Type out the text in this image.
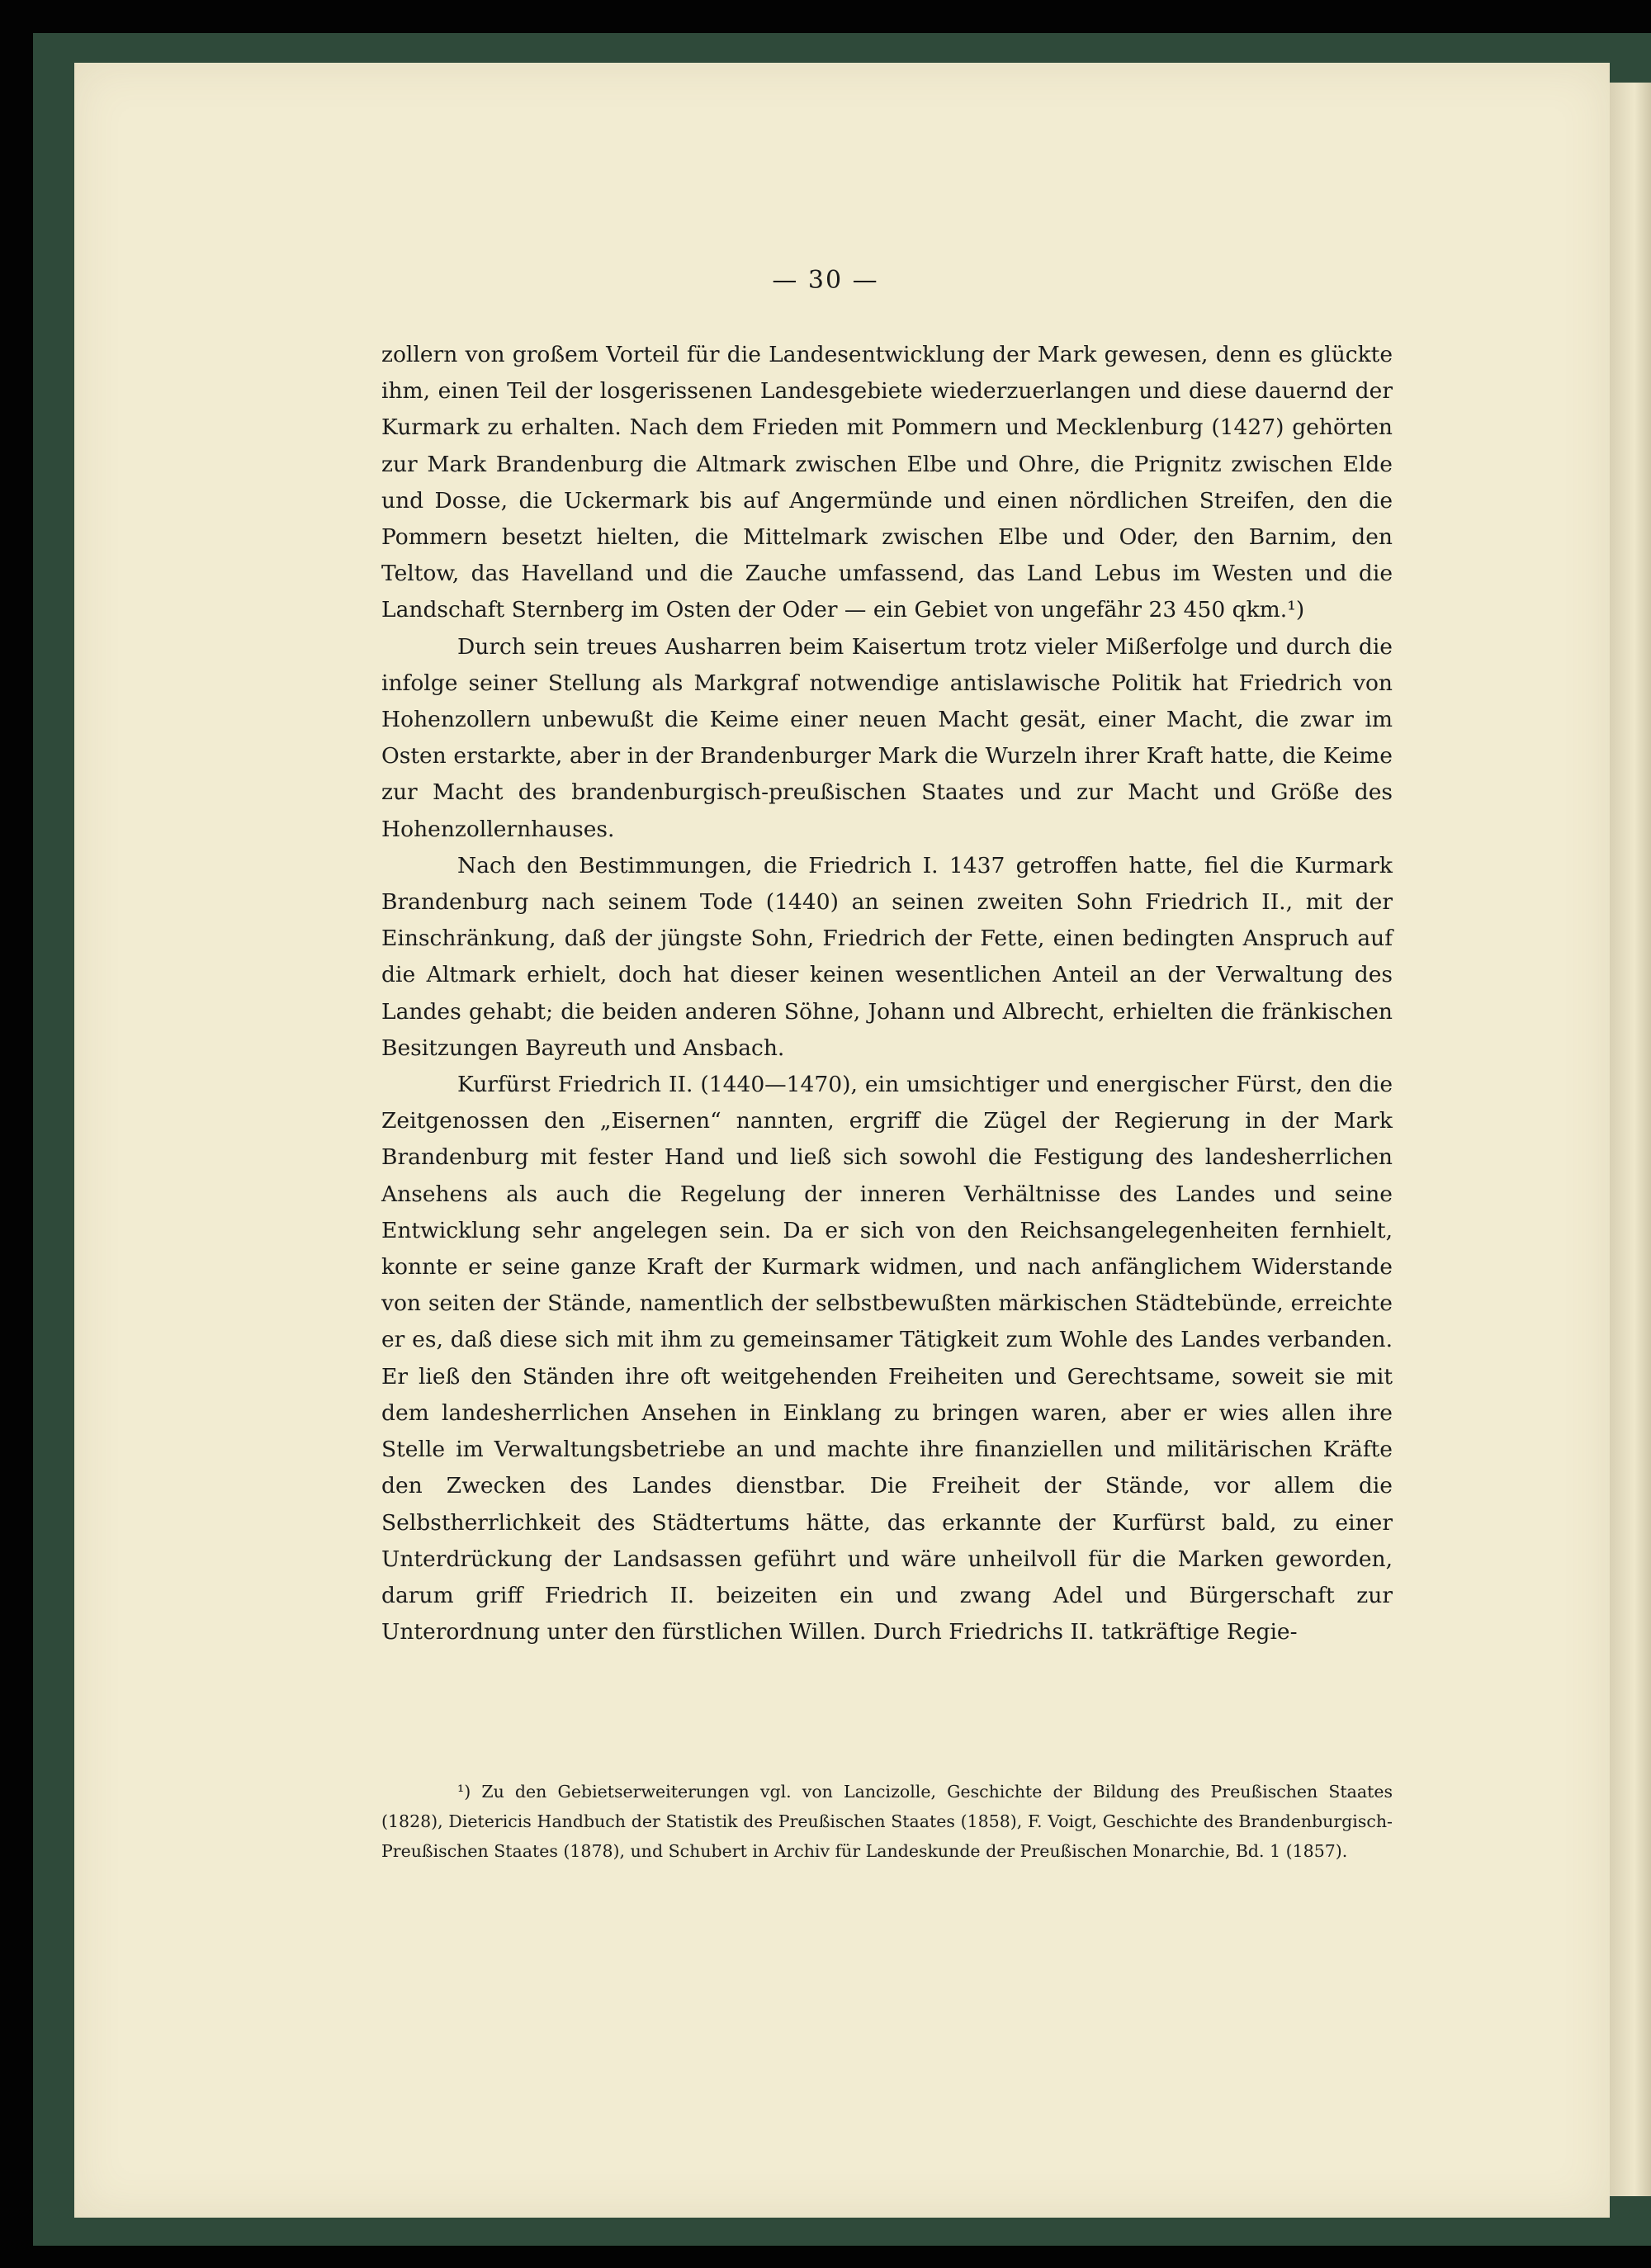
— 30 —

zollern von großem Vorteil für die Landesentwicklung der Mark gewesen, denn es glückte ihm, einen Teil der losgerissenen Landesgebiete wiederzuerlangen und diese dauernd der Kurmark zu erhalten. Nach dem Frieden mit Pommern und Mecklenburg (1427) gehörten zur Mark Brandenburg die Altmark zwischen Elbe und Ohre, die Prignitz zwischen Elde und Dosse, die Uckermark bis auf Angermünde und einen nördlichen Streifen, den die Pommern besetzt hielten, die Mittelmark zwischen Elbe und Oder, den Barnim, den Teltow, das Havelland und die Zauche umfassend, das Land Lebus im Westen und die Landschaft Sternberg im Osten der Oder — ein Gebiet von ungefähr 23 450 qkm.¹)

Durch sein treues Ausharren beim Kaisertum trotz vieler Mißerfolge und durch die infolge seiner Stellung als Markgraf notwendige antislawische Politik hat Friedrich von Hohenzollern unbewußt die Keime einer neuen Macht gesät, einer Macht, die zwar im Osten erstarkte, aber in der Brandenburger Mark die Wurzeln ihrer Kraft hatte, die Keime zur Macht des brandenburgisch-preußischen Staates und zur Macht und Größe des Hohenzollernhauses.

Nach den Bestimmungen, die Friedrich I. 1437 getroffen hatte, fiel die Kurmark Brandenburg nach seinem Tode (1440) an seinen zweiten Sohn Friedrich II., mit der Einschränkung, daß der jüngste Sohn, Friedrich der Fette, einen bedingten Anspruch auf die Altmark erhielt, doch hat dieser keinen wesentlichen Anteil an der Verwaltung des Landes gehabt; die beiden anderen Söhne, Johann und Albrecht, erhielten die fränkischen Besitzungen Bayreuth und Ansbach.

Kurfürst Friedrich II. (1440—1470), ein umsichtiger und energischer Fürst, den die Zeitgenossen den „Eisernen“ nannten, ergriff die Zügel der Regierung in der Mark Brandenburg mit fester Hand und ließ sich sowohl die Festigung des landesherrlichen Ansehens als auch die Regelung der inneren Verhältnisse des Landes und seine Entwicklung sehr angelegen sein. Da er sich von den Reichsangelegenheiten fernhielt, konnte er seine ganze Kraft der Kurmark widmen, und nach anfänglichem Widerstande von seiten der Stände, namentlich der selbstbewußten märkischen Städtebünde, erreichte er es, daß diese sich mit ihm zu gemeinsamer Tätigkeit zum Wohle des Landes verbanden. Er ließ den Ständen ihre oft weitgehenden Freiheiten und Gerechtsame, soweit sie mit dem landesherrlichen Ansehen in Einklang zu bringen waren, aber er wies allen ihre Stelle im Verwaltungsbetriebe an und machte ihre finanziellen und militärischen Kräfte den Zwecken des Landes dienstbar. Die Freiheit der Stände, vor allem die Selbstherrlichkeit des Städtertums hätte, das erkannte der Kurfürst bald, zu einer Unterdrückung der Landsassen geführt und wäre unheilvoll für die Marken geworden, darum griff Friedrich II. beizeiten ein und zwang Adel und Bürgerschaft zur Unterordnung unter den fürstlichen Willen. Durch Friedrichs II. tatkräftige Regie-

¹) Zu den Gebietserweiterungen vgl. von Lancizolle, Geschichte der Bildung des Preußischen Staates (1828), Dietericis Handbuch der Statistik des Preußischen Staates (1858), F. Voigt, Geschichte des Brandenburgisch-Preußischen Staates (1878), und Schubert in Archiv für Landeskunde der Preußischen Monarchie, Bd. 1 (1857).
